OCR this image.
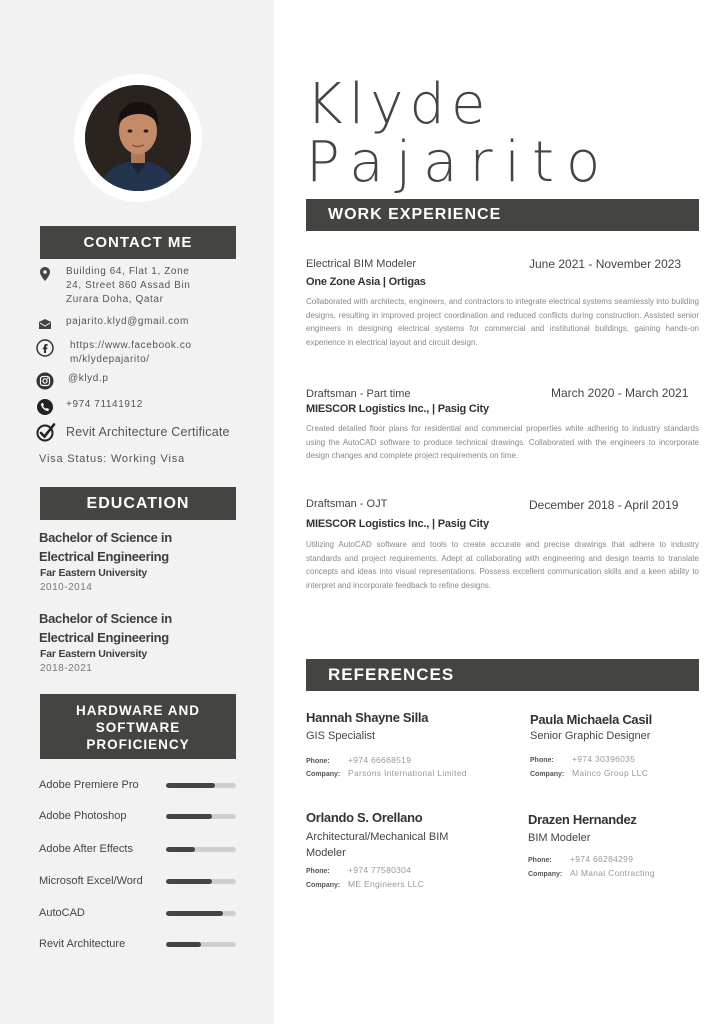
CONTACT ME
Building 64, Flat 1, Zone
24, Street 860 Assad Bin
Zurara Doha, Qatar
pajarito.klyd@gmail.com
https://www.facebook.co
m/klydepajarito/
@klyd.p
+974 71141912
Revit Architecture Certificate
Visa Status: Working Visa
EDUCATION
Bachelor of Science in
Electrical Engineering
Far Eastern University
2010-2014
Bachelor of Science in
Electrical Engineering
Far Eastern University
2018-2021
HARDWARE AND
SOFTWARE
PROFICIENCY
Adobe Premiere Pro
Adobe Photoshop
Adobe After Effects
Microsoft Excel/Word
AutoCAD
Revit Architecture
Klyde
Pajarito
WORK EXPERIENCE
Electrical BIM Modeler	June 2021 - November 2023
One Zone Asia | Ortigas
Collaborated with architects, engineers, and contractors to integrate electrical systems seamlessly into building designs, resulting in improved project coordination and reduced conflicts during construction. Assisted senior engineers in designing electrical systems for commercial and institutional buildings, gaining hands-on experience in electrical layout and circuit design.
Draftsman - Part time	March 2020 - March 2021
MIESCOR Logistics Inc., | Pasig City
Created detailed floor plans for residential and commercial properties while adhering to industry standards using the AutoCAD software to produce technical drawings. Collaborated with the engineers to incorporate design changes and complete project requirements on time.
Draftsman - OJT	December 2018 - April 2019
MIESCOR Logistics Inc., | Pasig City
Utilizing AutoCAD software and tools to create accurate and precise drawings that adhere to industry standards and project requirements. Adept at collaborating with engineering and design teams to translate concepts and ideas into visual representations. Possess excellent communication skills and a keen ability to interpret and incorporate feedback to refine designs.
REFERENCES
Hannah Shayne Silla
GIS Specialist
Phone:	+974 66668519
Company: Parsons International Limited
Paula Michaela Casil
Senior Graphic Designer
Phone:	+974 30396035
Company: Mainco Group LLC
Orlando S. Orellano
Architectural/Mechanical BIM Modeler
Phone:	+974 77580304
Company: ME Engineers LLC
Drazen Hernandez
BIM Modeler
Phone:	+974 66284299
Company: Al Manal Contracting
